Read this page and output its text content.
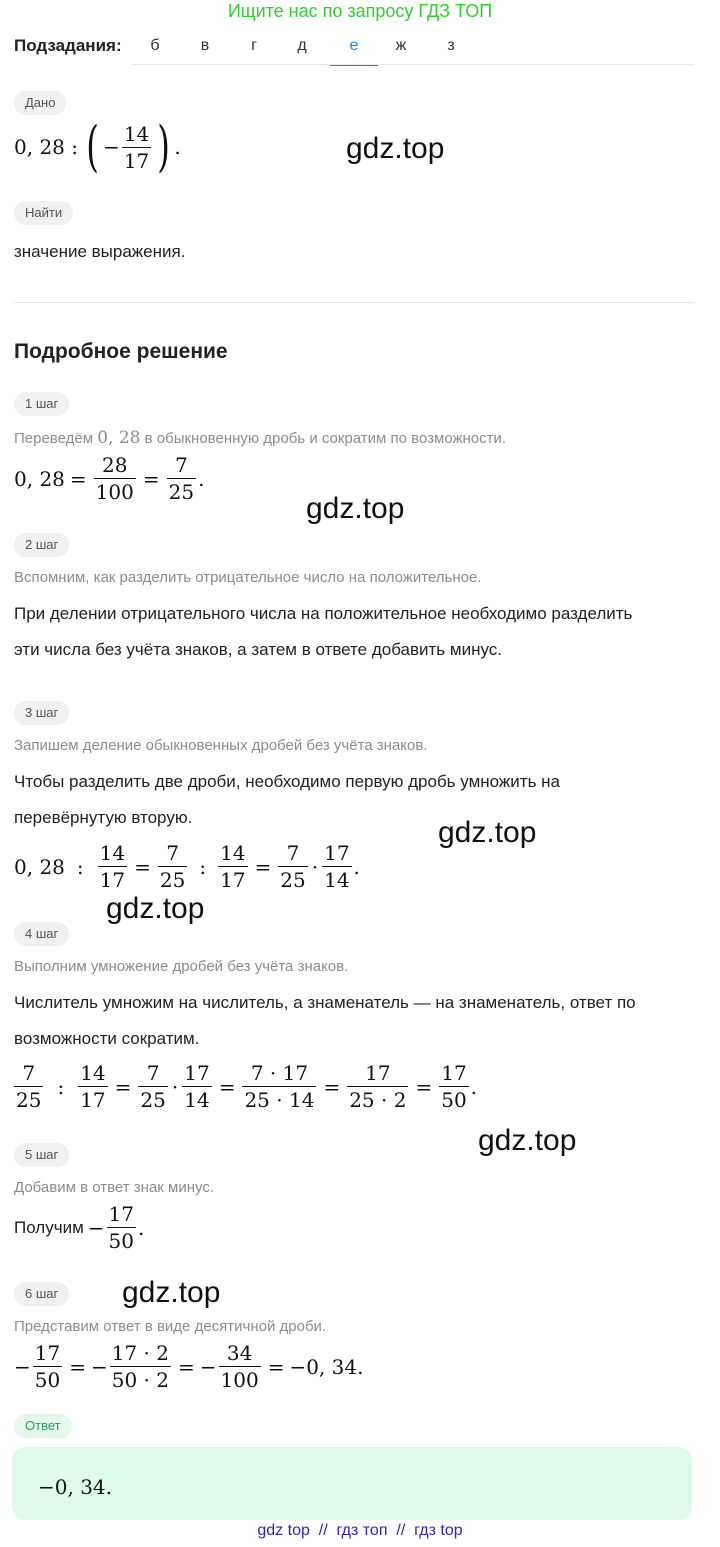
Ищите нас по запросу ГДЗ ТОП
Подзадания:	б	в	г	д	е	ж	з
Дано
0, 28 : ( − $\frac{14}{17}$ ) .
Найти
значение выражения.
Подробное решение
1 шаг
Переведём 0, 28 в обыкновенную дробь и сократим по возможности.
0, $28 = \frac{28}{100} = \frac{7}{25}$ .
2 шаг
Вспомним, как разделить отрицательное число на положительное.
При делении отрицательного числа на положительное необходимо разделить
эти числа без учёта знаков, а затем в ответе добавить минус.
3 шаг
Запишем деление обыкновенных дробей без учёта знаков.
Чтобы разделить две дроби, необходимо первую дробь умножить на
перевёрнутую вторую.
0, 28 : $\frac{14}{17} = \frac{7}{25}$ : $\frac{14}{17} = \frac{7}{25} \cdot \frac{17}{14}$ .
4 шаг
Выполним умножение дробей без учёта знаков.
Числитель умножим на числитель, а знаменатель — на знаменатель, ответ по
возможности сократим.
$\frac{7}{25}$ : $\frac{14}{17} = \frac{7}{25} \cdot \frac{17}{14} = \frac{7 \cdot 17}{25 \cdot 14} = \frac{17}{25 \cdot 2} = \frac{17}{50}$ .
5 шаг
Добавим в ответ знак минус.
Получим − $\frac{17}{50}$ .
6 шаг
Представим ответ в виде десятичной дроби.
− $\frac{17}{50}$ = − $\frac{17 \cdot 2}{50 \cdot 2}$ = − $\frac{34}{100} = -0$, 34 .
Ответ
−0, 34.
gdz.top
gdz.top
gdz.top
gdz.top
gdz.top
gdz.top
gdz top  //  гдз топ  //  гдз top
